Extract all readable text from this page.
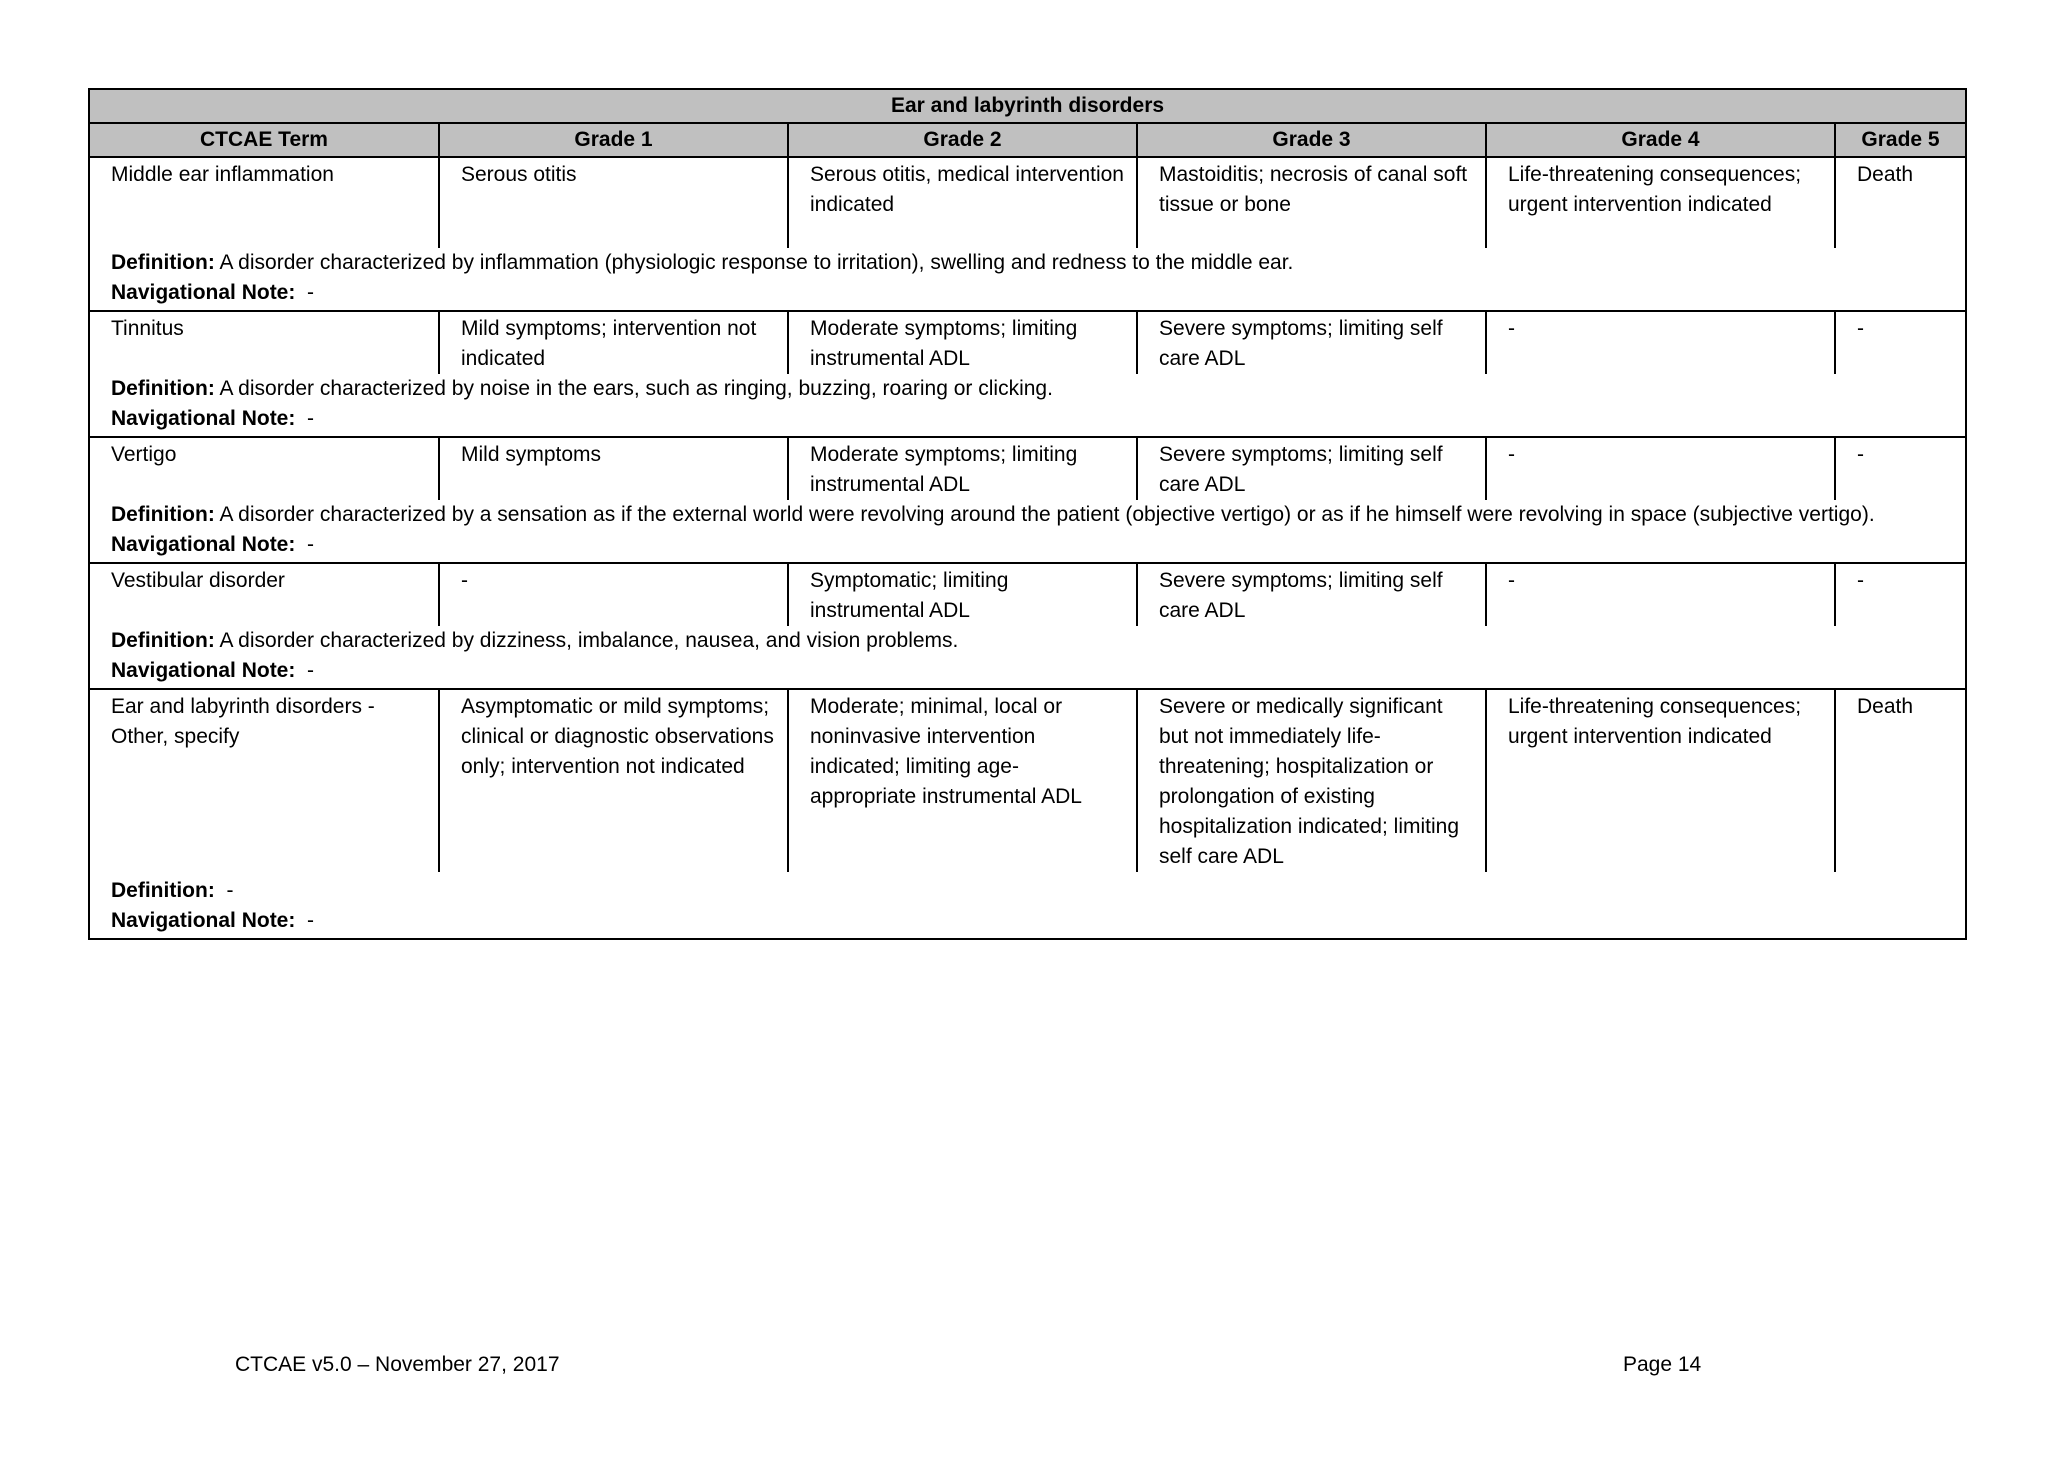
Ear and labyrinth disorders					
CTCAE Term	Grade 1	Grade 2	Grade 3	Grade 4	Grade 5
Middle ear inflammation	Serous otitis	Serous otitis, medical intervention indicated	Mastoiditis; necrosis of canal soft tissue or bone	Life-threatening consequences; urgent intervention indicated	Death
Definition: A disorder characterized by inflammation (physiologic response to irritation), swelling and redness to the middle ear.					
Navigational Note: -					
Tinnitus	Mild symptoms; intervention not indicated	Moderate symptoms; limiting instrumental ADL	Severe symptoms; limiting self care ADL	-	-
Definition: A disorder characterized by noise in the ears, such as ringing, buzzing, roaring or clicking.					
Navigational Note: -					
Vertigo	Mild symptoms	Moderate symptoms; limiting instrumental ADL	Severe symptoms; limiting self care ADL	-	-
Definition: A disorder characterized by a sensation as if the external world were revolving around the patient (objective vertigo) or as if he himself were revolving in space (subjective vertigo).					
Navigational Note: -					
Vestibular disorder	-	Symptomatic; limiting instrumental ADL	Severe symptoms; limiting self care ADL	-	-
Definition: A disorder characterized by dizziness, imbalance, nausea, and vision problems.					
Navigational Note: -					
Ear and labyrinth disorders - Other, specify	Asymptomatic or mild symptoms; clinical or diagnostic observations only; intervention not indicated	Moderate; minimal, local or noninvasive intervention indicated; limiting age-appropriate instrumental ADL	Severe or medically significant but not immediately life-threatening; hospitalization or prolongation of existing hospitalization indicated; limiting self care ADL	Life-threatening consequences; urgent intervention indicated	Death
Definition: -					
Navigational Note: -					
CTCAE v5.0 – November 27, 2017	Page 14
